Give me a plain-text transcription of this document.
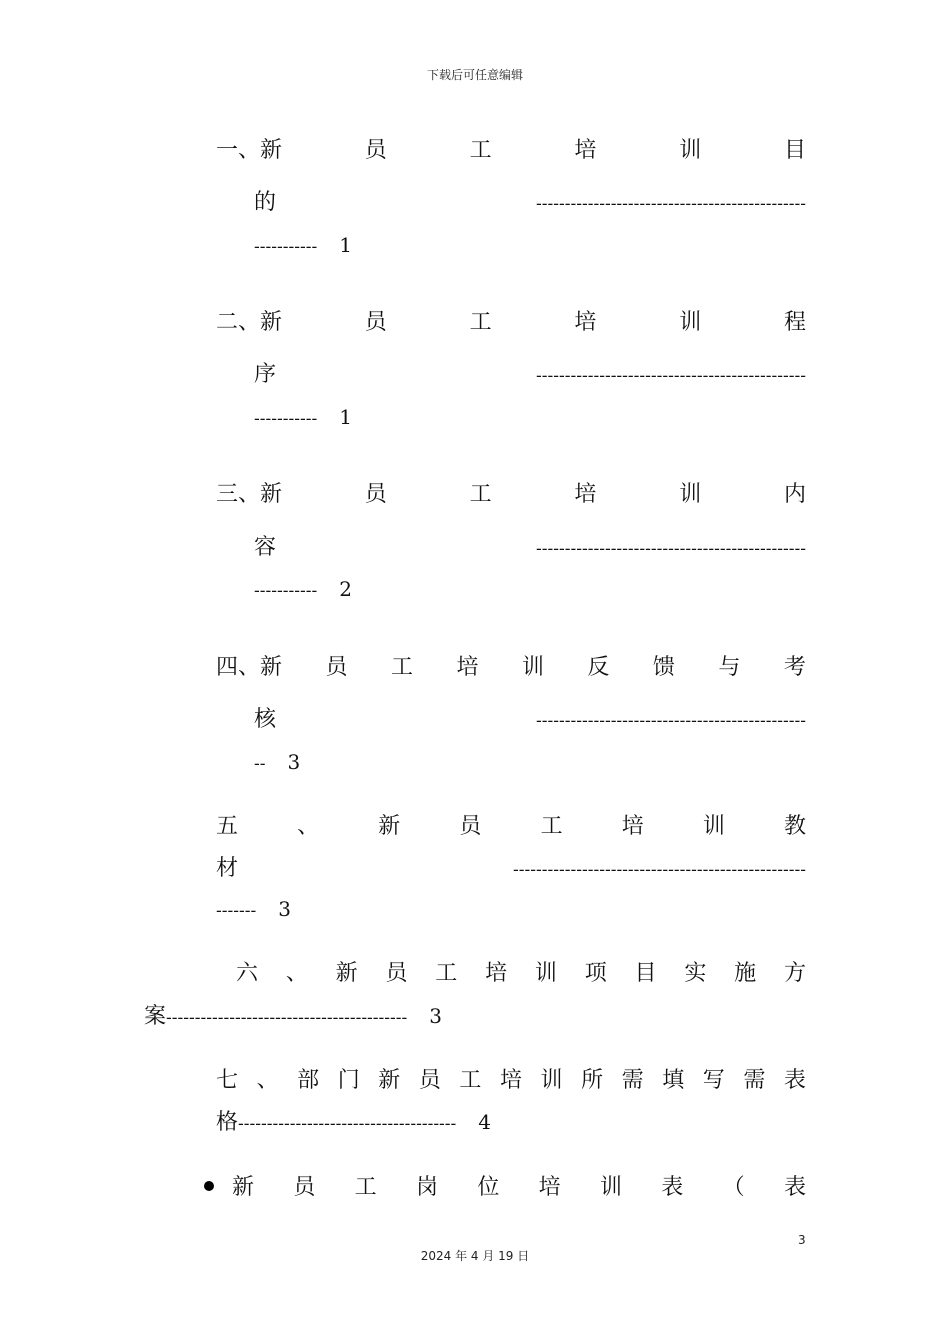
下载后可任意编辑
一、新	员	工	培	训	目
的	-----------------------------------------------
----------- 1
二、新	员	工	培	训	程
序	-----------------------------------------------
----------- 1
三、新	员	工	培	训	内
容	-----------------------------------------------
----------- 2
四、新 员 工 培 训 反 馈 与 考
核	-----------------------------------------------
-- 3
五	、	新	员	工	培	训	教
材	---------------------------------------------------
------- 3
六 、 新 员 工 培 训 项 目 实 施 方
案------------------------------------------ 3
七 、 部 门 新 员 工 培 训 所 需 填 写 需 表
格-------------------------------------- 4
新 员 工 岗 位 培 训 表 （ 表
3
2024 年 4 月 19 日
